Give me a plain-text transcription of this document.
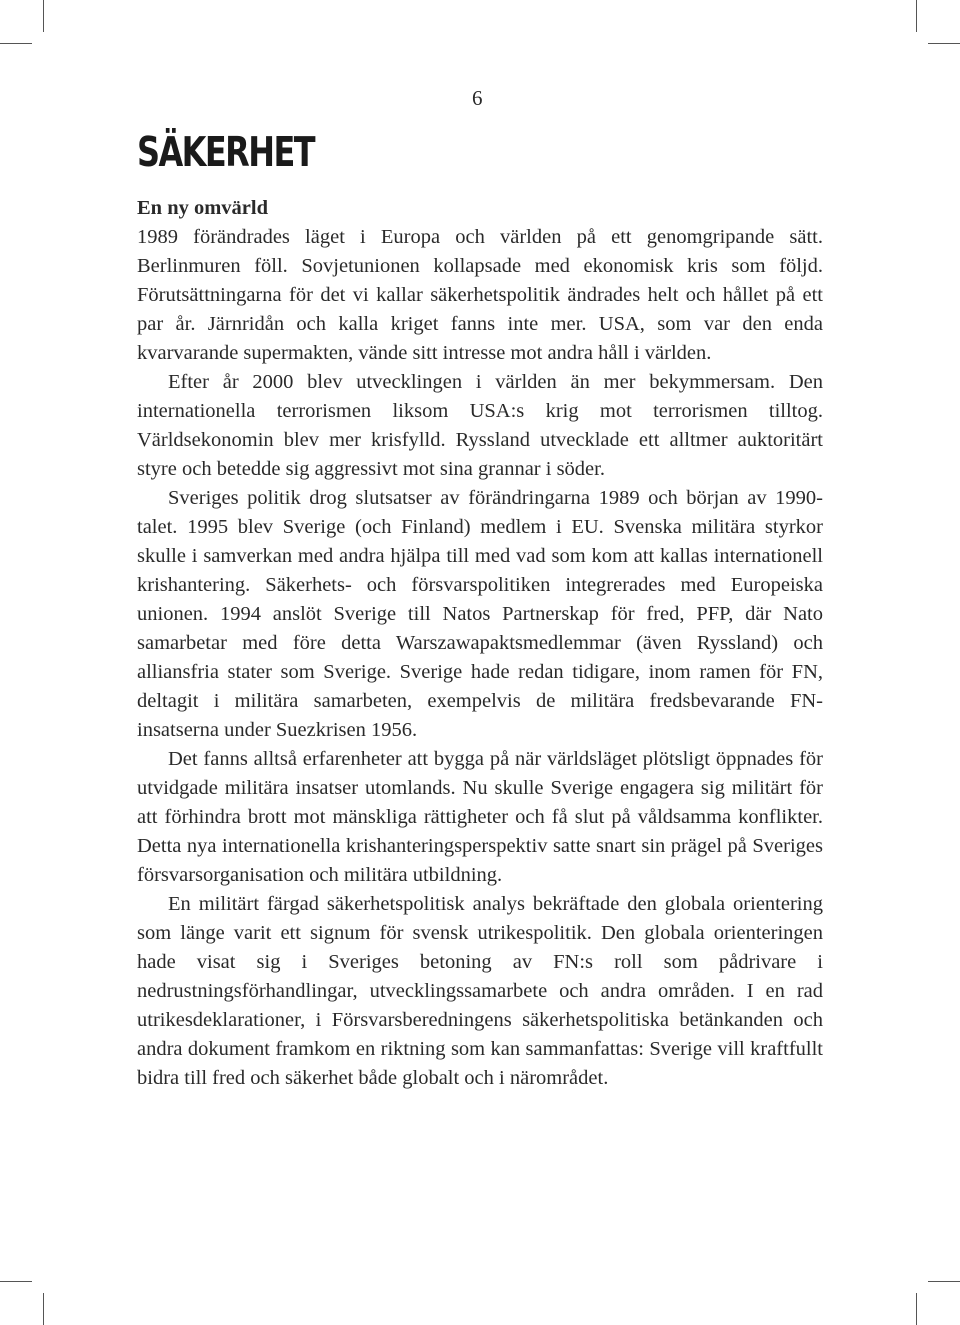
6
SÄKERHET

En ny omvärld

1989 förändrades läget i Europa och världen på ett genomgripande sätt. Berlinmuren föll. Sovjetunionen kollapsade med ekonomisk kris som följd. Förutsättningarna för det vi kallar säkerhetspolitik ändrades helt och hållet på ett par år. Järnridån och kalla kriget fanns inte mer. USA, som var den enda kvarvarande supermakten, vände sitt intresse mot andra håll i världen.

Efter år 2000 blev utvecklingen i världen än mer bekymmersam. Den internationella terrorismen liksom USA:s krig mot terrorismen tilltog. Världsekonomin blev mer krisfylld. Ryssland utvecklade ett alltmer auktoritärt styre och betedde sig aggressivt mot sina grannar i söder.

Sveriges politik drog slutsatser av förändringarna 1989 och början av 1990-talet. 1995 blev Sverige (och Finland) medlem i EU. Svenska militära styrkor skulle i samverkan med andra hjälpa till med vad som kom att kallas internationell krishantering. Säkerhets- och försvarspolitiken integrerades med Europeiska unionen. 1994 anslöt Sverige till Natos Partnerskap för fred, PFP, där Nato samarbetar med före detta Warszawapaktsmedlemmar (även Ryssland) och alliansfria stater som Sverige. Sverige hade redan tidigare, inom ramen för FN, deltagit i militära samarbeten, exempelvis de militära fredsbevarande FN-insatserna under Suezkrisen 1956.

Det fanns alltså erfarenheter att bygga på när världsläget plötsligt öppnades för utvidgade militära insatser utomlands. Nu skulle Sverige engagera sig militärt för att förhindra brott mot mänskliga rättigheter och få slut på våldsamma konflikter. Detta nya internationella krishanteringsperspektiv satte snart sin prägel på Sveriges försvarsorganisation och militära utbildning.

En militärt färgad säkerhetspolitisk analys bekräftade den globala orientering som länge varit ett signum för svensk utrikespolitik. Den globala orienteringen hade visat sig i Sveriges betoning av FN:s roll som pådrivare i nedrustningsförhandlingar, utvecklingssamarbete och andra områden. I en rad utrikesdeklarationer, i Försvarsberedningens säkerhetspolitiska betänkanden och andra dokument framkom en riktning som kan sammanfattas: Sverige vill kraftfullt bidra till fred och säkerhet både globalt och i närområdet.
